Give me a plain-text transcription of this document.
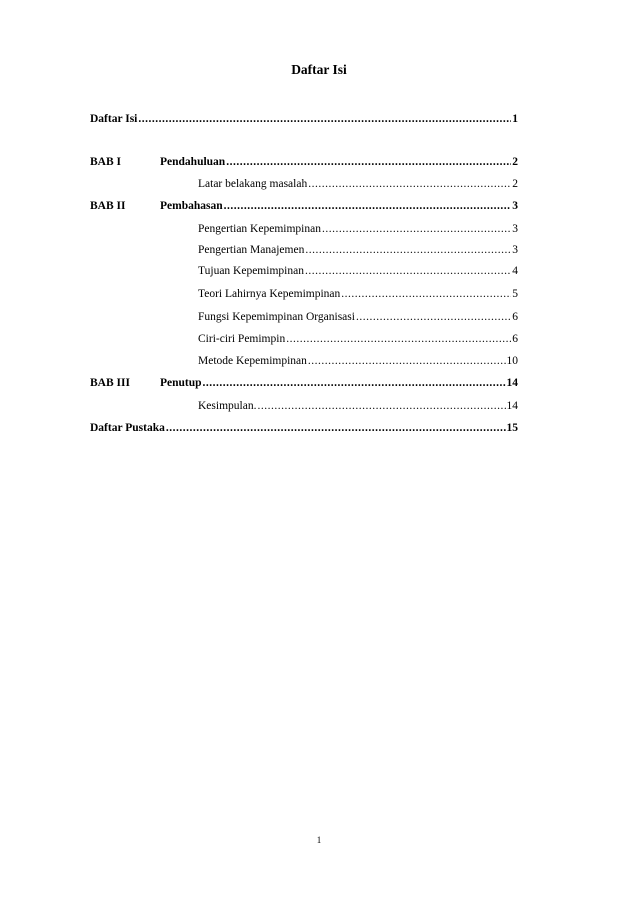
Daftar Isi
Daftar Isi .....	1
BAB I	Pendahuluan .....	2
Latar belakang masalah .....	2
BAB II	Pembahasan .....	3
Pengertian Kepemimpinan .....	3
Pengertian Manajemen .....	3
Tujuan Kepemimpinan .....	4
Teori Lahirnya Kepemimpinan .....	5
Fungsi Kepemimpinan Organisasi .....	6
Ciri-ciri Pemimpin .....	6
Metode Kepemimpinan .....	10
BAB III	Penutup .....	14
Kesimpulan. .....	14
Daftar Pustaka .....	15
1
